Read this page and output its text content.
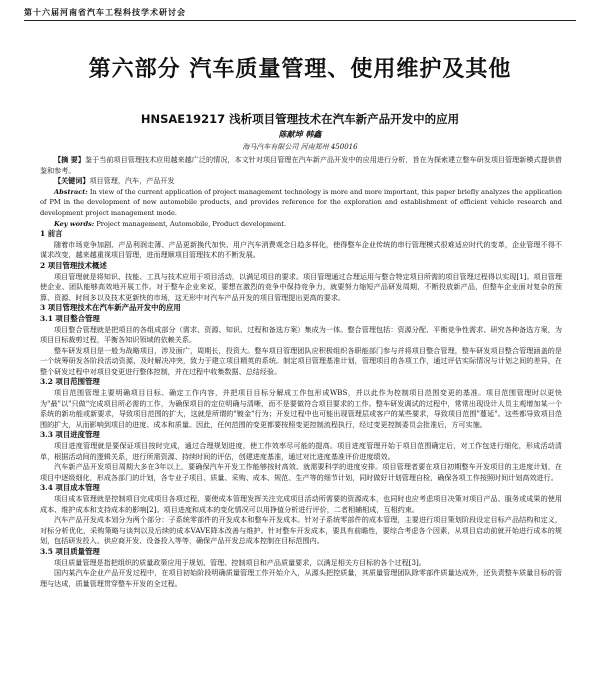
第十六届河南省汽车工程科技学术研讨会
第六部分 汽车质量管理、使用维护及其他
HNSAE19217 浅析项目管理技术在汽车新产品开发中的应用
陈献坤 韩鑫
海马汽车有限公司 河南郑州 450016

【摘 要】鉴于当前项目管理技术应用越来越广泛的情况，本文针对项目管理在汽车新产品开发中的应用进行分析，旨在为探索建立整车研发项目管理新模式提供借鉴和参考。

【关键词】项目管理，汽车，产品开发

Abstract: In view of the current application of project management technology is more and more important, this paper briefly analyzes the application of PM in the development of new automobile products, and provides reference for the exploration and establishment of efficient vehicle research and development project management mode.

Key words: Project management, Automobile, Product development.

1 前言

随着市场竞争加剧、产品利润走薄、产品更新换代加快、用户汽车消费观念日趋多样化，使得整车企业传统的串行管理模式很难适应时代的变革，企业管理不得不谋求改变，越来越重视项目管理，进而理顺项目管理技术的不断发展。

2 项目管理技术概述

项目管理就是将知识、技能、工具与技术应用于项目活动，以满足项目的要求。项目管理通过合理运用与整合特定项目所需的项目管理过程得以实现[1]。项目管理使企业、团队能够高效地开展工作。对于整车企业来说，要想在激烈的竞争中保持竞争力，就要努力缩短产品研发周期，不断投放新产品，但整车企业面对复杂的预算、资源、时间多以及技术更新快的市场，这无形中对汽车产品开发的项目管理提出更高的要求。

3 项目管理技术在汽车新产品开发中的应用

3.1 项目整合管理

项目整合管理就是把项目的各组成部分（需求、资源、知识、过程和备选方案）集成为一体。整合管理包括：资源分配、平衡竞争性需求、研究各种备选方案，为项目目标裁剪过程，平衡各知识领域的依赖关系。

整车研发项目是一般为战略项目，涉及面广，周期长，投资大。整车项目管理团队应积极组织各职能部门参与并将项目整合管理，整车研发项目整合管理涵盖的是一个统筹研发各阶段活动资源、及时解决冲突，致力于建立项目精英的系统。制定项目管理基准计划，管理项目的各项工作，通过评估实际情况与计划之间的差异，在整个研发过程中对项目变更进行整体控制，并在过程中收集数据、总结经验。

3.2 项目范围管理

项目范围管理主要明确项目目标、确定工作内容，并把项目目标分解成工作包形成WBS，并以此作为控制项目范围变更的基准。项目范围管理时以更快为"最"以"只做"完成项目所必需的工作，为确保项目的定位明确与清晰，而不是要做符合项目要求的工作。整车研发调试的过程中，常常出现设计人员主观增加某一个系统的新功能或新要求，导致项目范围的扩大，这就是所谓的"镀金"行为；开发过程中也可能出现管理层或客户的某些要求，导致项目范围"蔓延"。这些都导致项目范围的扩大，从而影响到项目的进度、成本和质量。因此，任何范围的变更都要按照变更控制流程执行，经过变更控制委员会批准后，方可实施。

3.3 项目进度管理

项目进度管理就是要保证项目按时完成，通过合理规划进度，使工作效率尽可能的提高。项目进度管理开始于项目范围确定后，对工作包进行细化，形成活动清单，根据活动间的逻辑关系，进行所需资源、持续时间的评估，创建进度基准，通过对比进度基准评价进度绩效。

汽车新产品开发项目周期大多在3年以上，要确保汽车开发工作能够按时高效、就需要科学的进度安排。项目管理者要在项目初期整车开发项目的主进度计划，在项目中逐级细化，形成各部门的计划，各专业子项目、质量、采购、成本、规范、生产等的细节计划，同时做好计划管理自检，确保各项工作按照时间计划高效进行。

3.4 项目成本管理

项目成本管理就是控制项目完成项目各项过程，要使成本管理发挥关注完成项目活动所需要的资源成本，也同时也应考虑项目决策对项目产品、服务或成果的使用成本、维护成本和支持成本的影响[2]。项目进度和成本的变化情况可以用挣值分析进行评价，二者相辅相成，互相约束。

汽车产品开发成本划分为两个部分：子系统零部件的开发成本和整车开发成本。针对子系统零部件的成本管理，主要进行项目策划阶段设定目标产品结构和定义，对标分析优化，采购策略与谈判以及后续的成本VAVE降本改善与维护。针对整车开发成本，要具有前瞻性，要综合考虑各个因素，从项目启动前就开始进行成本的规划，包括研发投入、供应商开发、设备投入等等，确保产品开发总成本控制在目标范围内。

3.5 项目质量管理

项目质量管理是指把组织的质量政策应用于规划、管理、控制项目和产品质量要求，以满足相关方目标的各个过程[3]。

国内某汽车企业产品开发过程中，在项目初始阶段明确质量管理工作开始介入，从源头把控质量，其质量管理团队除零部件质量达成外，还负责整车质量目标的管理与达成，质量管理贯穿整车开发的全过程。
